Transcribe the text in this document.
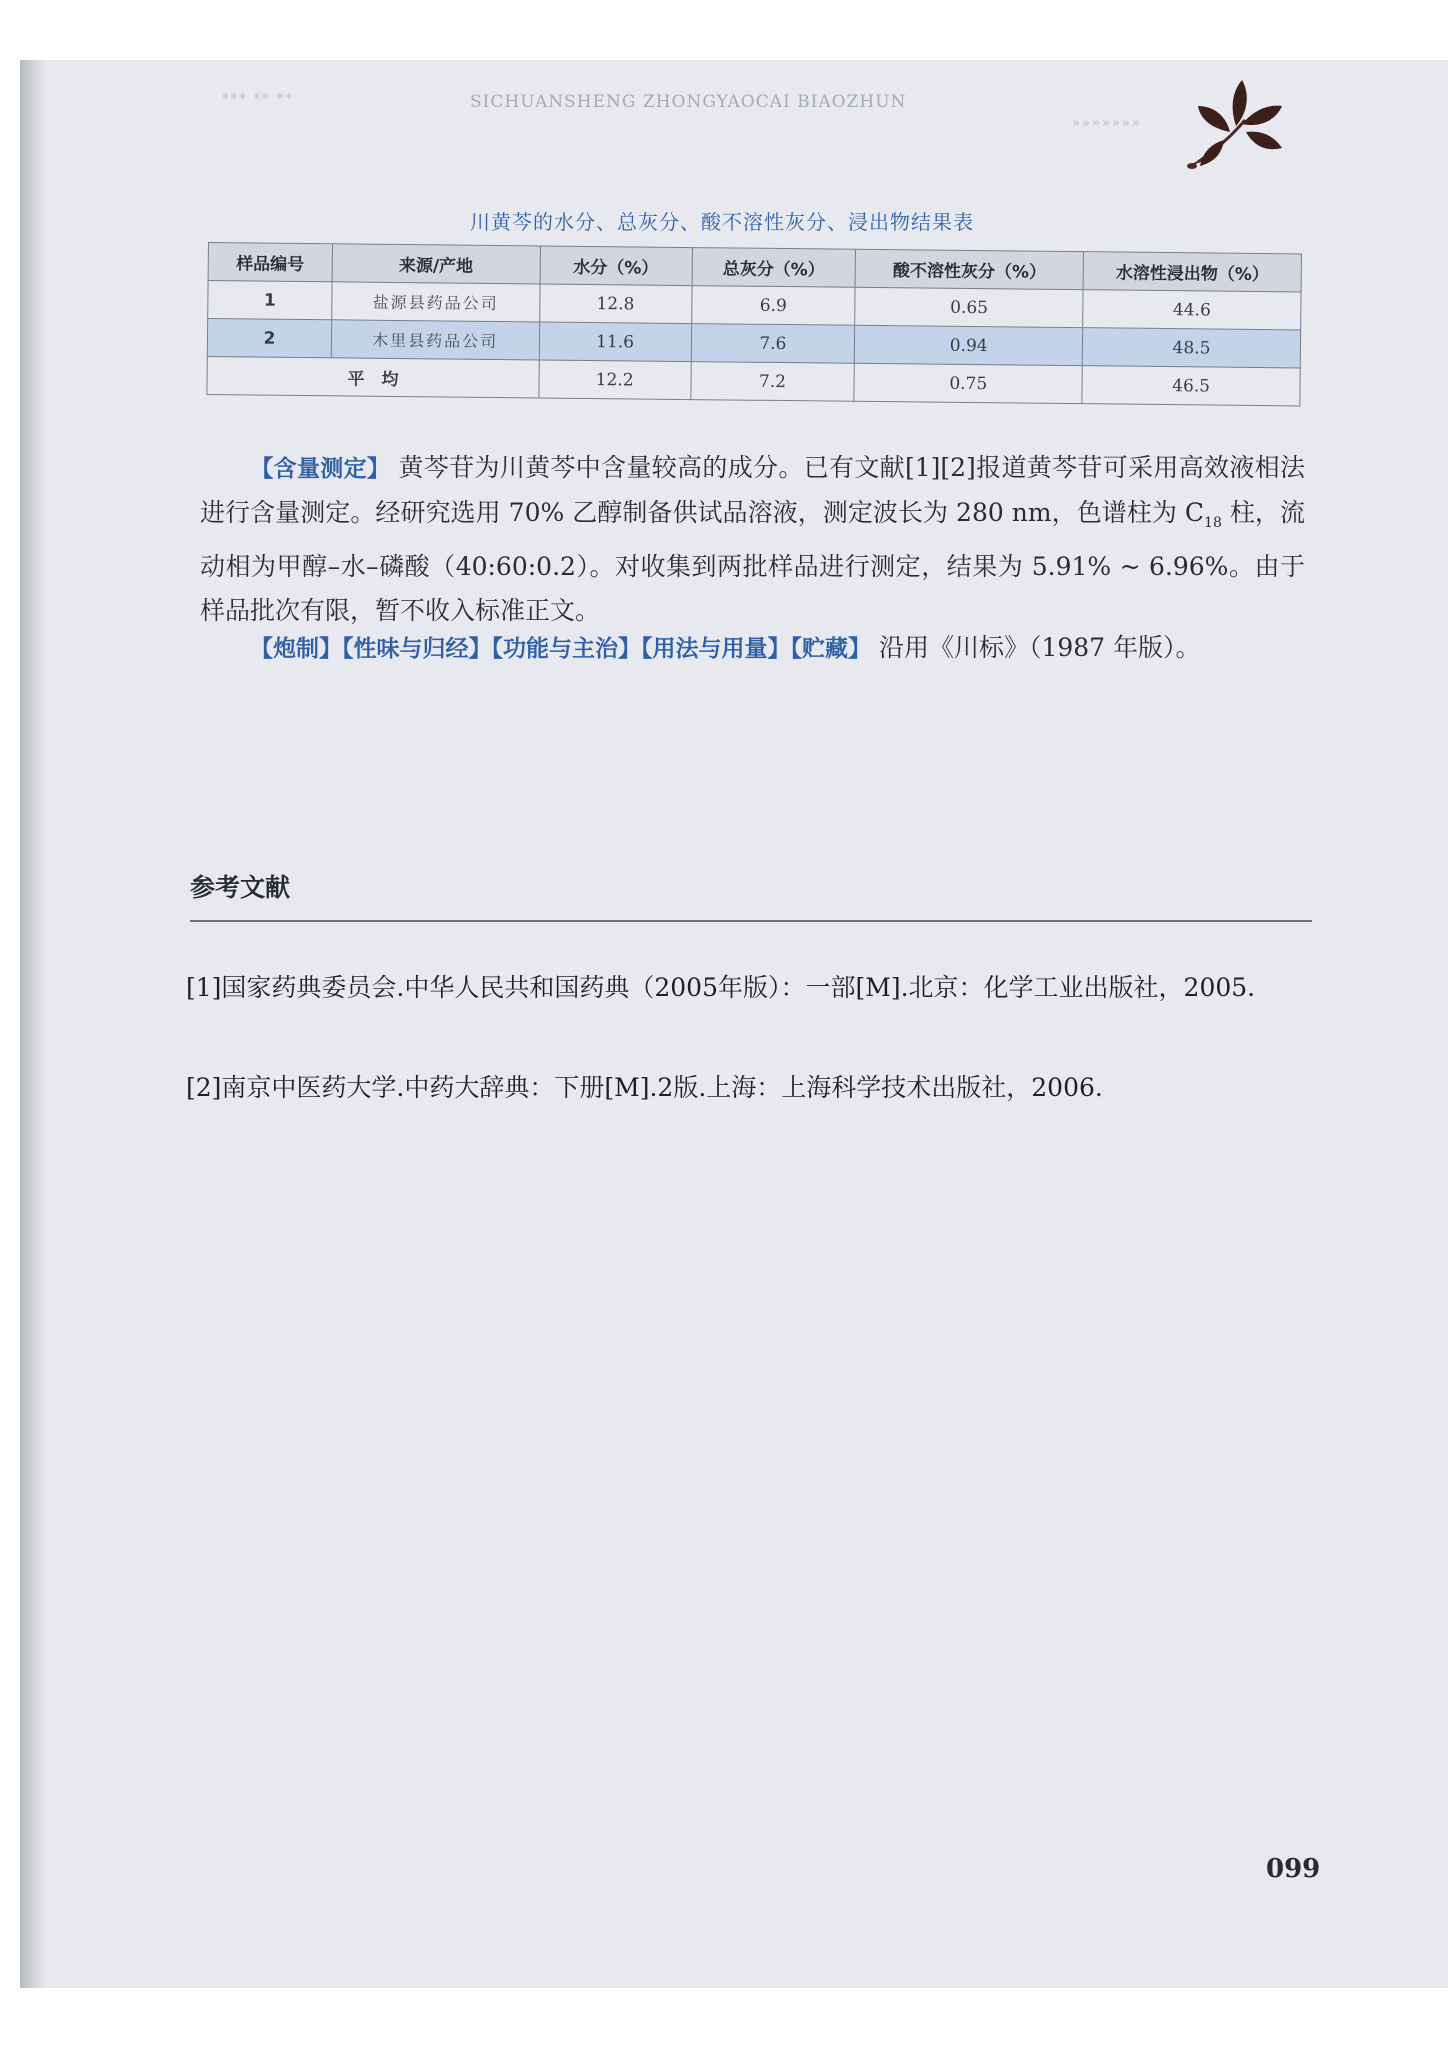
*** ** **	SICHUANSHENG ZHONGYAOCAI BIAOZHUN
»»»»»»»
川黄芩的水分、总灰分、酸不溶性灰分、浸出物结果表
样品编号	来源/产地	水分（%）	总灰分（%）	酸不溶性灰分（%）	水溶性浸出物（%）
1	盐源县药品公司	12.8	6.9	0.65	44.6
2	木里县药品公司	11.6	7.6	0.94	48.5
平　均		12.2	7.2	0.75	46.5
【含量测定】 黄芩苷为川黄芩中含量较高的成分。已有文献[1][2]报道黄芩苷可采用高效液相法进行含量测定。经研究选用 70% 乙醇制备供试品溶液，测定波长为 280 nm，色谱柱为 $C_{18}$ 柱，流动相为甲醇–水–磷酸（40:60:0.2）。对收集到两批样品进行测定，结果为 5.91% ~ 6.96%。由于样品批次有限，暂不收入标准正文。
【炮制】【性味与归经】【功能与主治】【用法与用量】【贮藏】 沿用《川标》（1987 年版）。
参考文献
[1]国家药典委员会.中华人民共和国药典（2005年版）：一部[M].北京：化学工业出版社，2005.
[2]南京中医药大学.中药大辞典：下册[M].2版.上海：上海科学技术出版社，2006.
099
